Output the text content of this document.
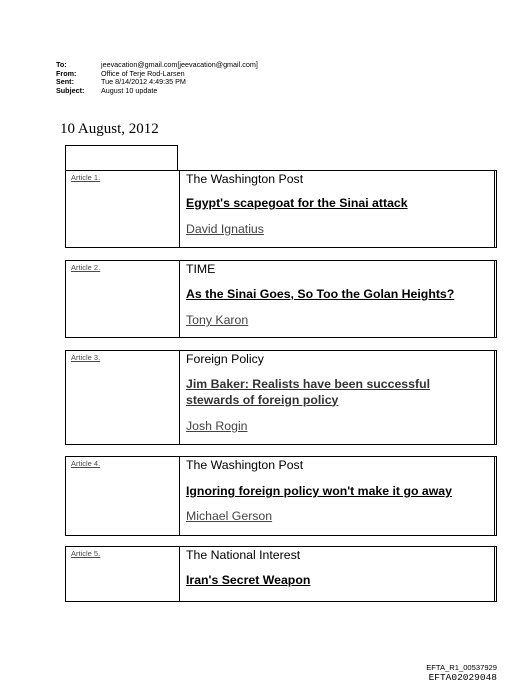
To:	jeevacation@gmail.com[jeevacation@gmail.com]
From:	Office of Terje Rod-Larsen
Sent:	Tue 8/14/2012 4:49:35 PM
Subject:	August 10 update
10 August, 2012
Article 1.	The Washington Post
Egypt's scapegoat for the Sinai attack
David Ignatius
Article 2.	TIME
As the Sinai Goes, So Too the Golan Heights?
Tony Karon
Article 3.	Foreign Policy
Jim Baker: Realists have been successful stewards of foreign policy
Josh Rogin
Article 4.	The Washington Post
Ignoring foreign policy won't make it go away
Michael Gerson
Article 5.	The National Interest
Iran's Secret Weapon
EFTA_R1_00537929
EFTA02029048
